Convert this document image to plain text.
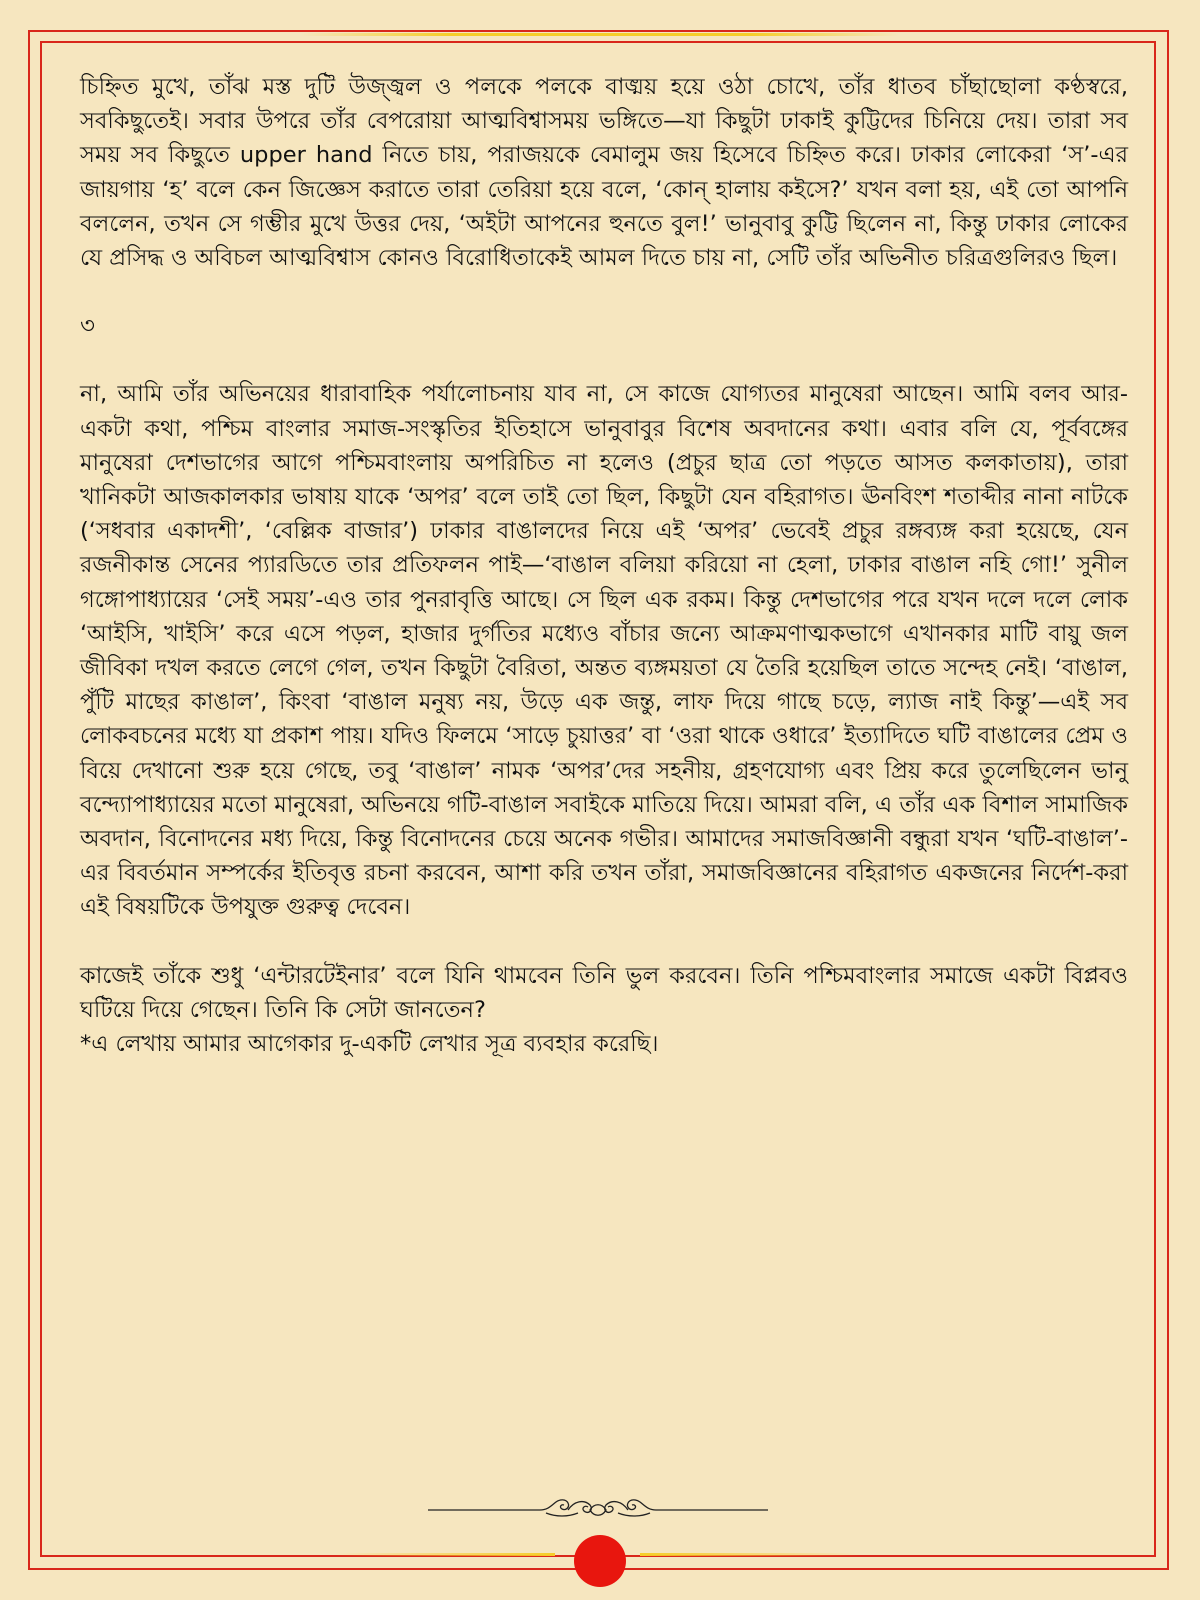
চিহ্নিত মুখে, তাঁঝ মস্ত দুটি উজ্জ্বল ও পলকে পলকে বাঙ্ময় হয়ে ওঠা চোখে, তাঁর ধাতব চাঁছাছোলা কণ্ঠস্বরে, সবকিছুতেই। সবার উপরে তাঁর বেপরোয়া আত্মবিশ্বাসময় ভঙ্গিতে—যা কিছুটা ঢাকাই কুট্টিদের চিনিয়ে দেয়। তারা সব সময় সব কিছুতে upper hand নিতে চায়, পরাজয়কে বেমালুম জয় হিসেবে চিহ্নিত করে। ঢাকার লোকেরা ‘স’-এর জায়গায় ‘হ’ বলে কেন জিজ্ঞেস করাতে তারা তেরিয়া হয়ে বলে, ‘কোন্‌ হালায় কইসে?’ যখন বলা হয়, এই তো আপনি বললেন, তখন সে গম্ভীর মুখে উত্তর দেয়, ‘অইটা আপনের হুনতে বুল!’ ভানুবাবু কুট্টি ছিলেন না, কিন্তু ঢাকার লোকের যে প্রসিদ্ধ ও অবিচল আত্মবিশ্বাস কোনও বিরোধিতাকেই আমল দিতে চায় না, সেটি তাঁর অভিনীত চরিত্রগুলিরও ছিল।

৩

না, আমি তাঁর অভিনয়ের ধারাবাহিক পর্যালোচনায় যাব না, সে কাজে যোগ্যতর মানুষেরা আছেন। আমি বলব আর-একটা কথা, পশ্চিম বাংলার সমাজ-সংস্কৃতির ইতিহাসে ভানুবাবুর বিশেষ অবদানের কথা। এবার বলি যে, পূর্ববঙ্গের মানুষেরা দেশভাগের আগে পশ্চিমবাংলায় অপরিচিত না হলেও (প্রচুর ছাত্র তো পড়তে আসত কলকাতায়), তারা খানিকটা আজকালকার ভাষায় যাকে ‘অপর’ বলে তাই তো ছিল, কিছুটা যেন বহিরাগত। ঊনবিংশ শতাব্দীর নানা নাটকে (‘সধবার একাদশী’, ‘বেল্লিক বাজার’) ঢাকার বাঙালদের নিয়ে এই ‘অপর’ ভেবেই প্রচুর রঙ্গব্যঙ্গ করা হয়েছে, যেন রজনীকান্ত সেনের প্যারডিতে তার প্রতিফলন পাই—‘বাঙাল বলিয়া করিয়ো না হেলা, ঢাকার বাঙাল নহি গো!’ সুনীল গঙ্গোপাধ্যায়ের ‘সেই সময়’-এও তার পুনরাবৃত্তি আছে। সে ছিল এক রকম। কিন্তু দেশভাগের পরে যখন দলে দলে লোক ‘আইসি, খাইসি’ করে এসে পড়ল, হাজার দুর্গতির মধ্যেও বাঁচার জন্যে আক্রমণাত্মকভাগে এখানকার মাটি বায়ু জল জীবিকা দখল করতে লেগে গেল, তখন কিছুটা বৈরিতা, অন্তত ব্যঙ্গময়তা যে তৈরি হয়েছিল তাতে সন্দেহ নেই। ‘বাঙাল, পুঁটি মাছের কাঙাল’, কিংবা ‘বাঙাল মনুষ্য নয়, উড়ে এক জন্তু, লাফ দিয়ে গাছে চড়ে, ল্যাজ নাই কিন্তু’—এই সব লোকবচনের মধ্যে যা প্রকাশ পায়। যদিও ফিলমে ‘সাড়ে চুয়াত্তর’ বা ‘ওরা থাকে ওধারে’ ইত্যাদিতে ঘটি বাঙালের প্রেম ও বিয়ে দেখানো শুরু হয়ে গেছে, তবু ‘বাঙাল’ নামক ‘অপর’দের সহনীয়, গ্রহণযোগ্য এবং প্রিয় করে তুলেছিলেন ভানু বন্দ্যোপাধ্যায়ের মতো মানুষেরা, অভিনয়ে গটি-বাঙাল সবাইকে মাতিয়ে দিয়ে। আমরা বলি, এ তাঁর এক বিশাল সামাজিক অবদান, বিনোদনের মধ্য দিয়ে, কিন্তু বিনোদনের চেয়ে অনেক গভীর। আমাদের সমাজবিজ্ঞানী বন্ধুরা যখন ‘ঘটি-বাঙাল’-এর বিবর্তমান সম্পর্কের ইতিবৃত্ত রচনা করবেন, আশা করি তখন তাঁরা, সমাজবিজ্ঞানের বহিরাগত একজনের নির্দেশ-করা এই বিষয়টিকে উপযুক্ত গুরুত্ব দেবেন।

কাজেই তাঁকে শুধু ‘এন্টারটেইনার’ বলে যিনি থামবেন তিনি ভুল করবেন। তিনি পশ্চিমবাংলার সমাজে একটা বিপ্লবও ঘটিয়ে দিয়ে গেছেন। তিনি কি সেটা জানতেন?

*এ লেখায় আমার আগেকার দু-একটি লেখার সূত্র ব্যবহার করেছি।
